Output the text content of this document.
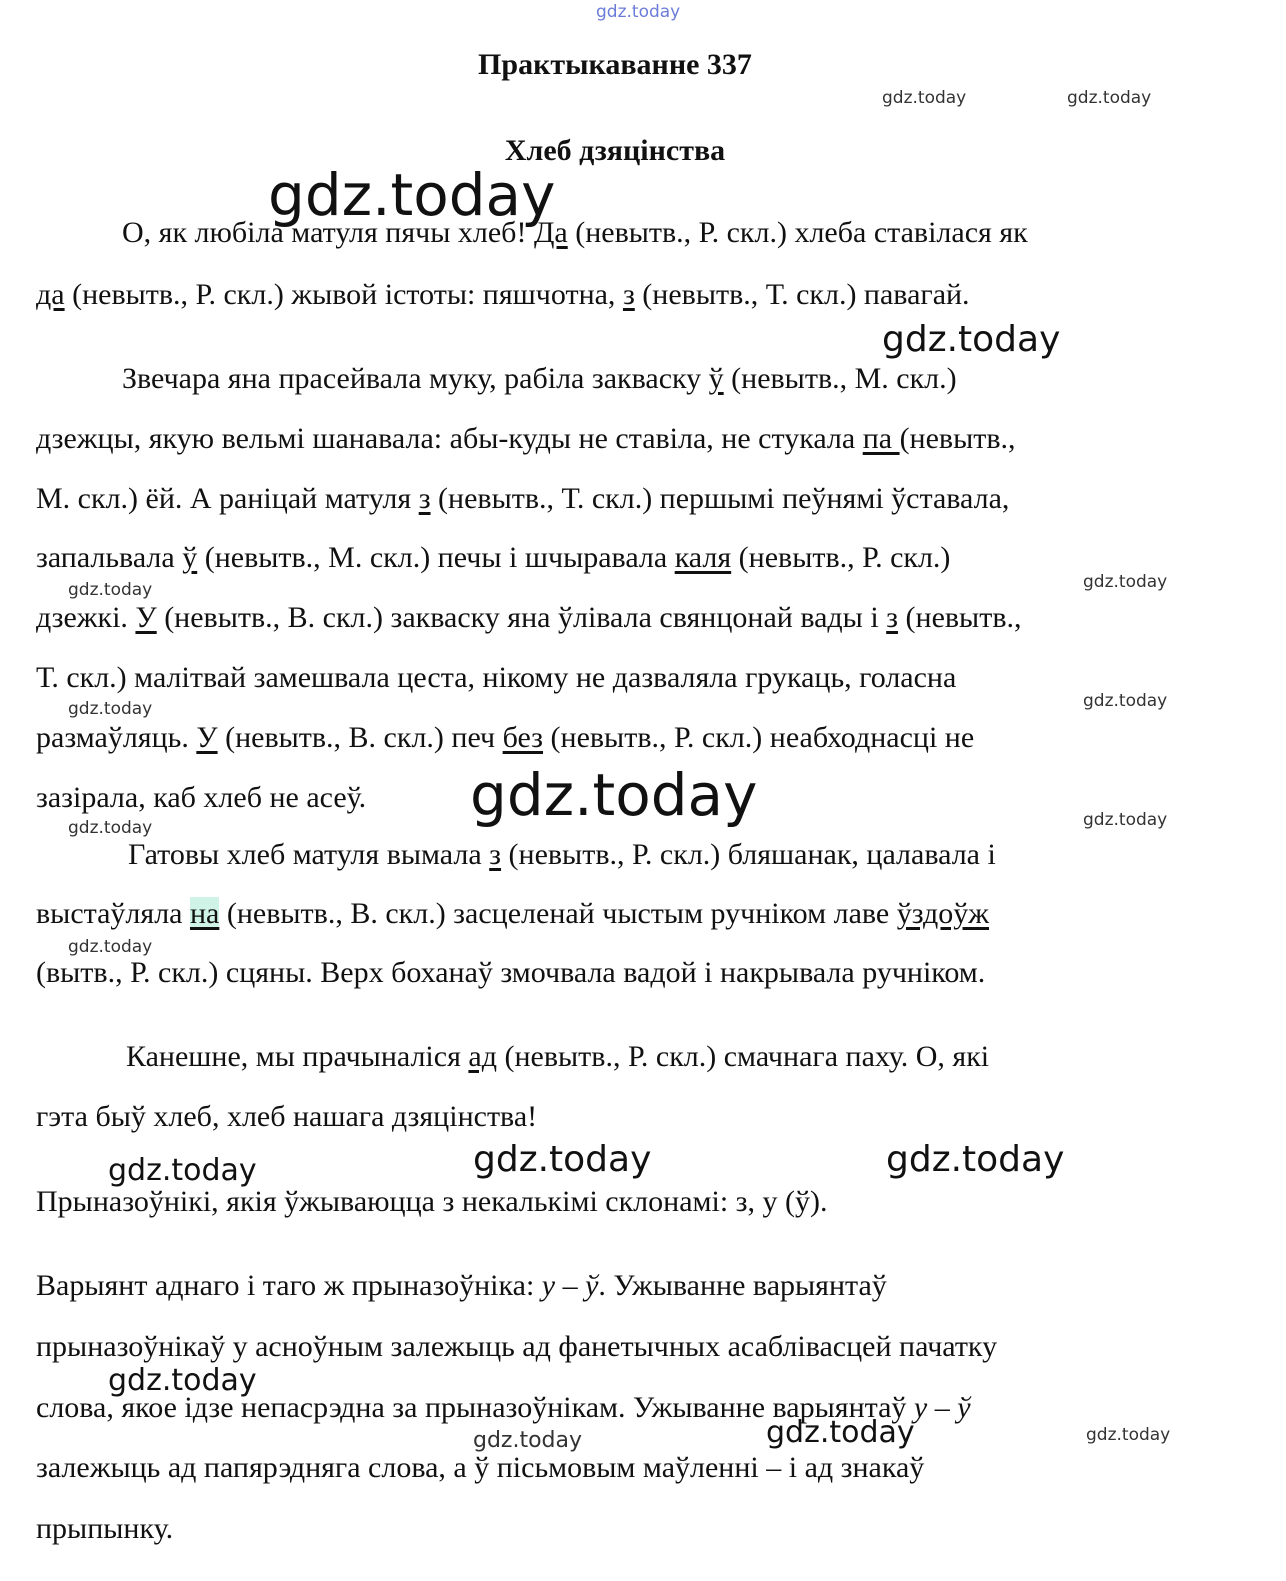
gdz.today
gdz.today	gdz.today
gdz.today
gdz.today
gdz.today	gdz.today
gdz.today	gdz.today
gdz.today
gdz.today	gdz.today
gdz.today
gdz.today	gdz.today	gdz.today
gdz.today
gdz.today	gdz.today	gdz.today
Практыкаванне 337
Хлеб дзяцінства
О, як любіла матуля пячы хлеб! Да (невытв., Р. скл.) хлеба ставілася як
да (невытв., Р. скл.) жывой істоты: пяшчотна, з (невытв., Т. скл.) павагай.
Звечара яна прасейвала муку, рабіла закваску ў (невытв., М. скл.)
дзежцы, якую вельмі шанавала: абы-куды не ставіла, не стукала па (невытв.,
М. скл.) ёй. А раніцай матуля з (невытв., Т. скл.) першымі пеўнямі ўставала,
запальвала ў (невытв., М. скл.) печы і шчыравала каля (невытв., Р. скл.)
дзежкі. У (невытв., В. скл.) закваску яна ўлівала свянцонай вады і з (невытв.,
Т. скл.) малітвай замешвала цеста, нікому не дазваляла грукаць, голасна
размаўляць. У (невытв., В. скл.) печ без (невытв., Р. скл.) неабходнасці не
зазірала, каб хлеб не асеў.
Гатовы хлеб матуля вымала з (невытв., Р. скл.) бляшанак, цалавала і
выстаўляла на (невытв., В. скл.) засцеленай чыстым ручніком лаве ўздоўж
(вытв., Р. скл.) сцяны. Верх боханаў змочвала вадой і накрывала ручніком.
Канешне, мы прачыналіся ад (невытв., Р. скл.) смачнага паху. О, які
гэта быў хлеб, хлеб нашага дзяцінства!
Прыназоўнікі, якія ўжываюцца з некалькімі склонамі: з, у (ў).
Варыянт аднаго і таго ж прыназоўніка: у – ў. Ужыванне варыянтаў
прыназоўнікаў у асноўным залежыць ад фанетычных асаблівасцей пачатку
слова, якое ідзе непасрэдна за прыназоўнікам. Ужыванне варыянтаў у – ў
залежыць ад папярэдняга слова, а ў пісьмовым маўленні – і ад знакаў
прыпынку.
